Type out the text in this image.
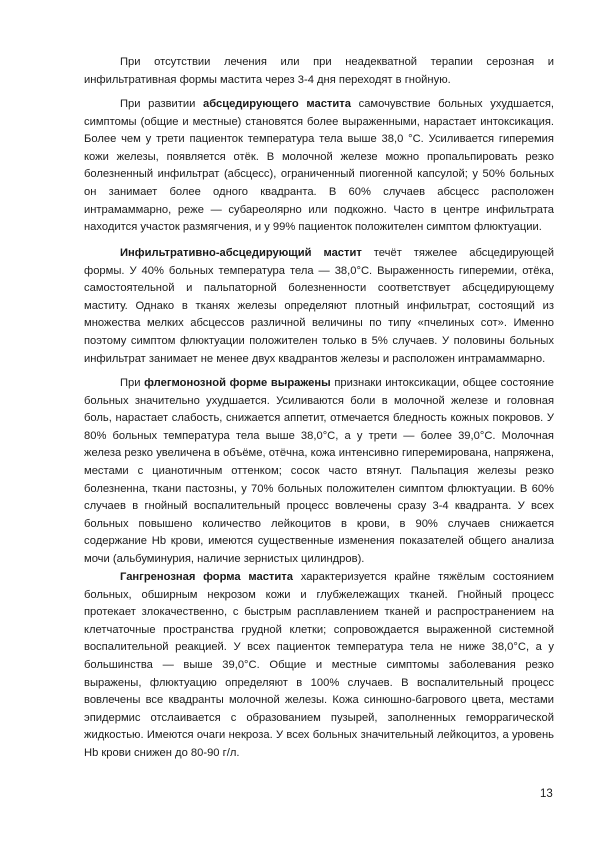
При отсутствии лечения или при неадекватной терапии серозная и инфильтративная формы мастита через 3-4 дня переходят в гнойную.

При развитии абсцедирующего мастита самочувствие больных ухудшается, симптомы (общие и местные) становятся более выраженными, нарастает интоксикация. Более чем у трети пациенток температура тела выше 38,0 °С. Усиливается гиперемия кожи железы, появляется отёк. В молочной железе можно пропальпировать резко болезненный инфильтрат (абсцесс), ограниченный пиогенной капсулой; у 50% больных он занимает более одного квадранта. В 60% случаев абсцесс расположен интрамаммарно, реже — субареолярно или подкожно. Часто в центре инфильтрата находится участок размягчения, и у 99% пациенток положителен симптом флюктуации.

Инфильтративно-абсцедирующий мастит течёт тяжелее абсцедирующей формы. У 40% больных температура тела — 38,0°С. Выраженность гиперемии, отёка, самостоятельной и пальпаторной болезненности соответствует абсцедирующему маститу. Однако в тканях железы определяют плотный инфильтрат, состоящий из множества мелких абсцессов различной величины по типу «пчелиных сот». Именно поэтому симптом флюктуации положителен только в 5% случаев. У половины больных инфильтрат занимает не менее двух квадрантов железы и расположен интрамаммарно.

При флегмонозной форме выражены признаки интоксикации, общее состояние больных значительно ухудшается. Усиливаются боли в молочной железе и головная боль, нарастает слабость, снижается аппетит, отмечается бледность кожных покровов. У 80% больных температура тела выше 38,0°С, а у трети — более 39,0°С. Молочная железа резко увеличена в объёме, отёчна, кожа интенсивно гиперемирована, напряжена, местами с цианотичным оттенком; сосок часто втянут. Пальпация железы резко болезненна, ткани пастозны, у 70% больных положителен симптом флюктуации. В 60% случаев в гнойный воспалительный процесс вовлечены сразу 3-4 квадранта. У всех больных повышено количество лейкоцитов в крови, в 90% случаев снижается содержание Нb крови, имеются существенные изменения показателей общего анализа мочи (альбуминурия, наличие зернистых цилиндров).

Гангренозная форма мастита характеризуется крайне тяжёлым состоянием больных, обширным некрозом кожи и глубжележащих тканей. Гнойный процесс протекает злокачественно, с быстрым расплавлением тканей и распространением на клетчаточные пространства грудной клетки; сопровождается выраженной системной воспалительной реакцией. У всех пациенток температура тела не ниже 38,0°С, а у большинства — выше 39,0°С. Общие и местные симптомы заболевания резко выражены, флюктуацию определяют в 100% случаев. В воспалительный процесс вовлечены все квадранты молочной железы. Кожа синюшно-багрового цвета, местами эпидермис отслаивается с образованием пузырей, заполненных геморрагической жидкостью. Имеются очаги некроза. У всех больных значительный лейкоцитоз, а уровень Нb крови снижен до 80-90 г/л.

13
